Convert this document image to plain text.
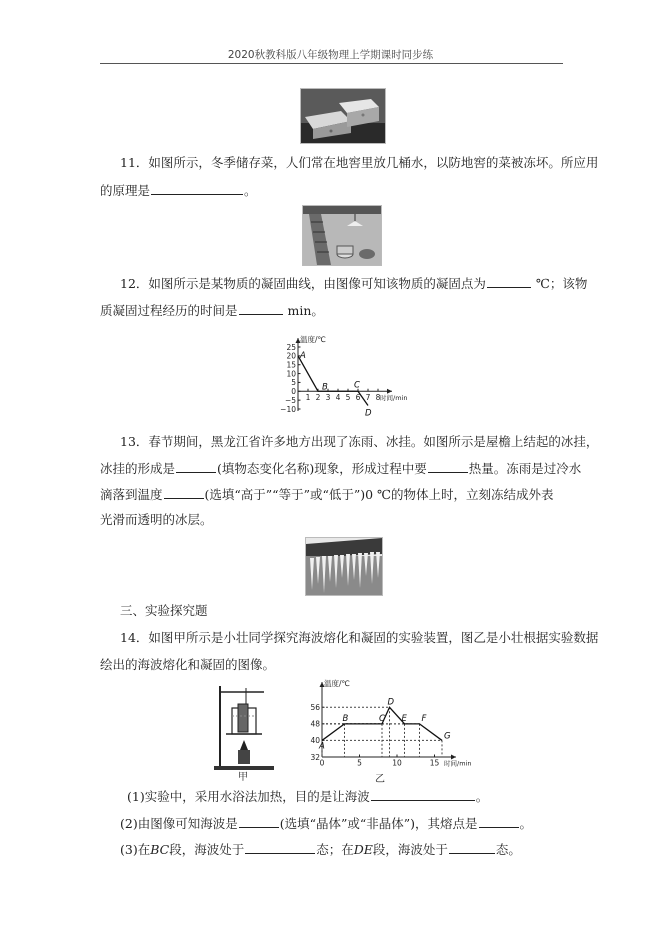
2020秋教科版八年级物理上学期课时同步练
11．如图所示，冬季储存菜，人们常在地窖里放几桶水，以防地窖的菜被冻坏。所应用
的原理是	。
12．如图所示是某物质的凝固曲线，由图像可知该物质的凝固点为	℃；该物
质凝固过程经历的时间是	min。
温度/℃
时间/min
25
20
15
10
5
0
−5
−10
1 2 3 4 5 6 7 8
A
B	C
D
13．春节期间，黑龙江省许多地方出现了冻雨、冰挂。如图所示是屋檐上结起的冰挂，
冰挂的形成是	(填物态变化名称)现象，形成过程中要	热量。冻雨是过冷水
滴落到温度	(选填“高于”“等于”或“低于”)0 ℃的物体上时，立刻冻结成外表
光滑而透明的冰层。
三、实验探究题
14．如图甲所示是小壮同学探究海波熔化和凝固的实验装置，图乙是小壮根据实验数据
绘出的海波熔化和凝固的图像。
甲
温度/℃
时间/min
56
48
40
32
0	5	10	15
A
B	C
D
E F
G
乙
(1)实验中，采用水浴法加热，目的是让海波	。
(2)由图像可知海波是	(选填“晶体”或“非晶体”)，其熔点是	。
(3)在BC段，海波处于	态；在DE段，海波处于	态。
